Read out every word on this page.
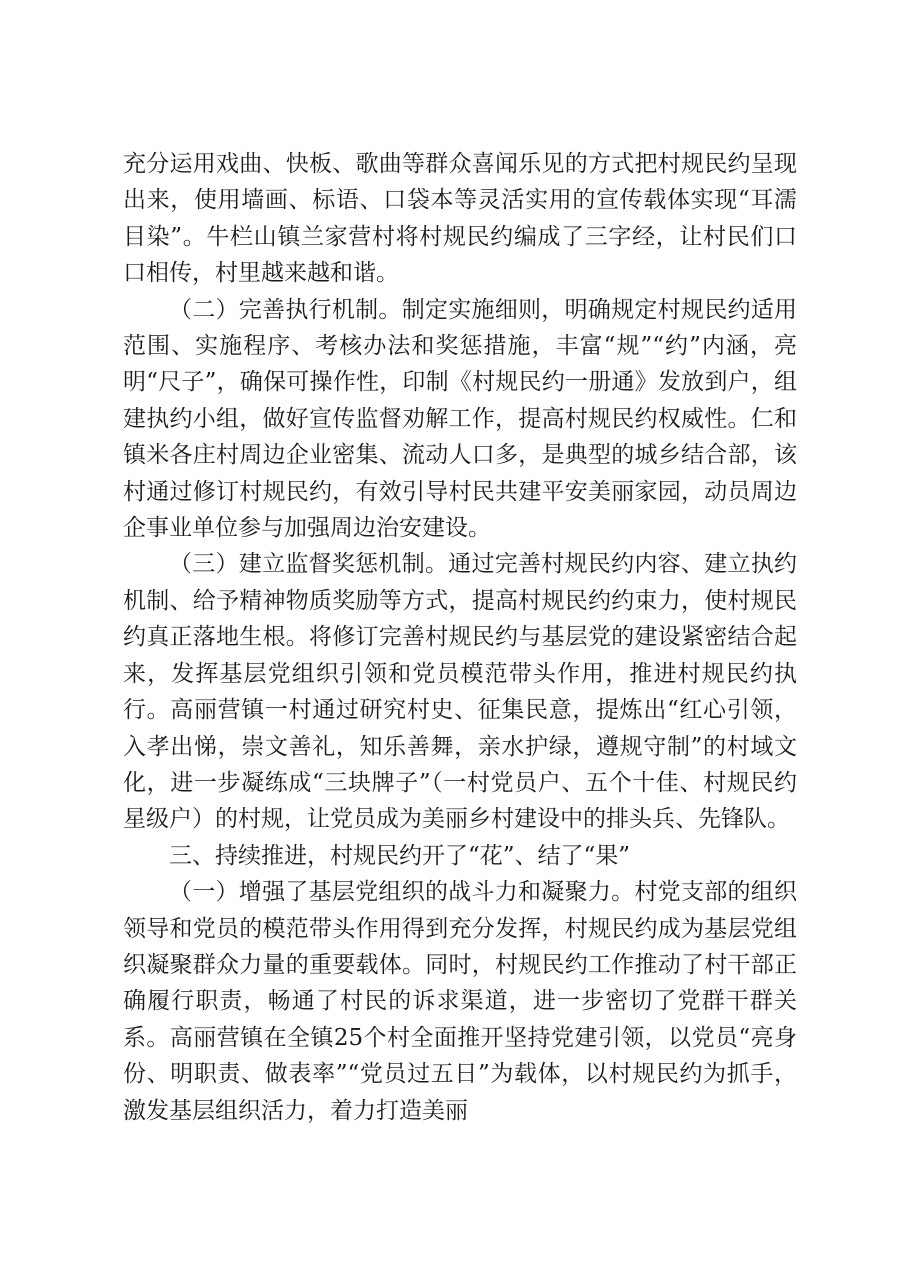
充分运用戏曲、快板、歌曲等群众喜闻乐见的方式把村规民约呈现出来，使用墙画、标语、口袋本等灵活实用的宣传载体实现“耳濡目染”。牛栏山镇兰家营村将村规民约编成了三字经，让村民们口口相传，村里越来越和谐。

（二）完善执行机制。制定实施细则，明确规定村规民约适用范围、实施程序、考核办法和奖惩措施，丰富“规”“约”内涵，亮明“尺子”，确保可操作性，印制《村规民约一册通》发放到户，组建执约小组，做好宣传监督劝解工作，提高村规民约权威性。仁和镇米各庄村周边企业密集、流动人口多，是典型的城乡结合部，该村通过修订村规民约，有效引导村民共建平安美丽家园，动员周边企事业单位参与加强周边治安建设。

（三）建立监督奖惩机制。通过完善村规民约内容、建立执约机制、给予精神物质奖励等方式，提高村规民约约束力，使村规民约真正落地生根。将修订完善村规民约与基层党的建设紧密结合起来，发挥基层党组织引领和党员模范带头作用，推进村规民约执行。高丽营镇一村通过研究村史、征集民意，提炼出“红心引领，入孝出悌，崇文善礼，知乐善舞，亲水护绿，遵规守制”的村域文化，进一步凝练成“三块牌子”（一村党员户、五个十佳、村规民约星级户）的村规，让党员成为美丽乡村建设中的排头兵、先锋队。

三、持续推进，村规民约开了“花”、结了“果”

（一）增强了基层党组织的战斗力和凝聚力。村党支部的组织领导和党员的模范带头作用得到充分发挥，村规民约成为基层党组织凝聚群众力量的重要载体。同时，村规民约工作推动了村干部正确履行职责，畅通了村民的诉求渠道，进一步密切了党群干群关系。高丽营镇在全镇25个村全面推开坚持党建引领，以党员“亮身份、明职责、做表率”“党员过五日”为载体，以村规民约为抓手，激发基层组织活力，着力打造美丽
